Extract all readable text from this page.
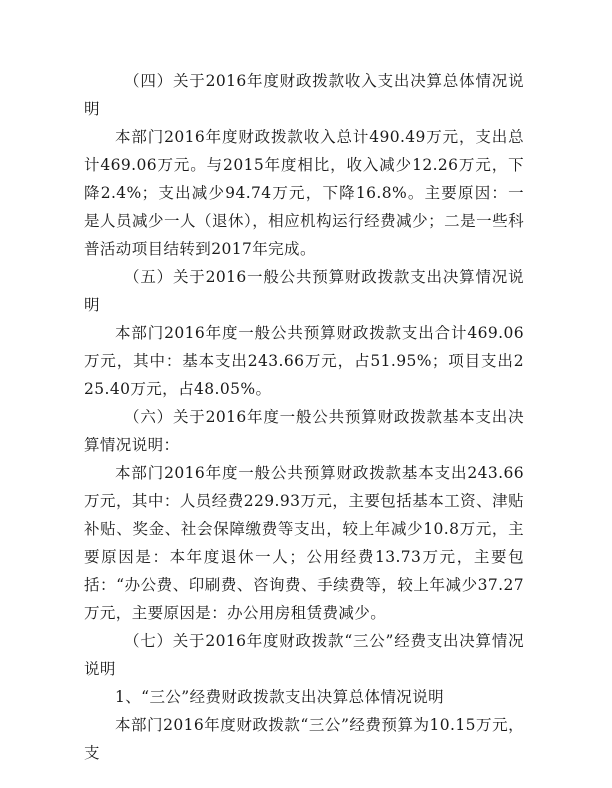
（四）关于2016年度财政拨款收入支出决算总体情况说明

本部门2016年度财政拨款收入总计490.49万元，支出总计469.06万元。与2015年度相比，收入减少12.26万元，下降2.4%；支出减少94.74万元，下降16.8%。主要原因：一是人员减少一人（退休），相应机构运行经费减少；二是一些科普活动项目结转到2017年完成。

（五）关于2016一般公共预算财政拨款支出决算情况说明

本部门2016年度一般公共预算财政拨款支出合计469.06万元，其中：基本支出243.66万元，占51.95%；项目支出225.40万元，占48.05%。

（六）关于2016年度一般公共预算财政拨款基本支出决算情况说明：

本部门2016年度一般公共预算财政拨款基本支出243.66万元，其中：人员经费229.93万元，主要包括基本工资、津贴补贴、奖金、社会保障缴费等支出，较上年减少10.8万元，主要原因是：本年度退休一人；公用经费13.73万元，主要包括：“办公费、印刷费、咨询费、手续费等，较上年减少37.27万元，主要原因是：办公用房租赁费减少。

（七）关于2016年度财政拨款“三公”经费支出决算情况说明

1、“三公”经费财政拨款支出决算总体情况说明

本部门2016年度财政拨款“三公”经费预算为10.15万元，支
